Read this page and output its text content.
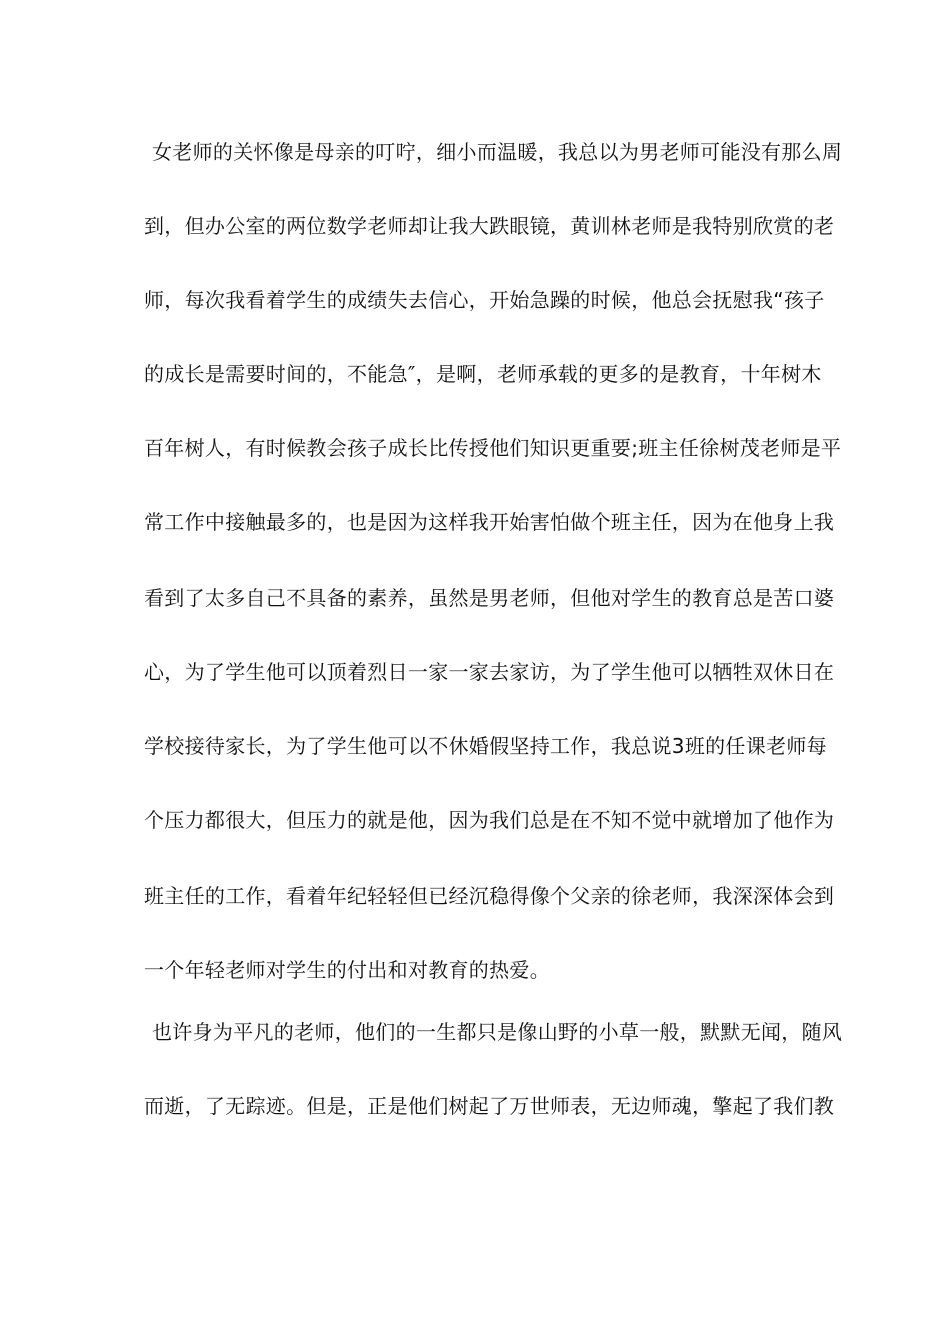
女老师的关怀像是母亲的叮咛，细小而温暖，我总以为男老师可能没有那么周
到，但办公室的两位数学老师却让我大跌眼镜，黄训林老师是我特别欣赏的老
师，每次我看着学生的成绩失去信心，开始急躁的时候，他总会抚慰我“孩子
的成长是需要时间的，不能急″，是啊，老师承载的更多的是教育，十年树木
百年树人，有时候教会孩子成长比传授他们知识更重要;班主任徐树茂老师是平
常工作中接触最多的，也是因为这样我开始害怕做个班主任，因为在他身上我
看到了太多自己不具备的素养，虽然是男老师，但他对学生的教育总是苦口婆
心，为了学生他可以顶着烈日一家一家去家访，为了学生他可以牺牲双休日在
学校接待家长，为了学生他可以不休婚假坚持工作，我总说3班的任课老师每
个压力都很大，但压力的就是他，因为我们总是在不知不觉中就增加了他作为
班主任的工作，看着年纪轻轻但已经沉稳得像个父亲的徐老师，我深深体会到
一个年轻老师对学生的付出和对教育的热爱。
也许身为平凡的老师，他们的一生都只是像山野的小草一般，默默无闻，随风
而逝，了无踪迹。但是，正是他们树起了万世师表，无边师魂，擎起了我们教
